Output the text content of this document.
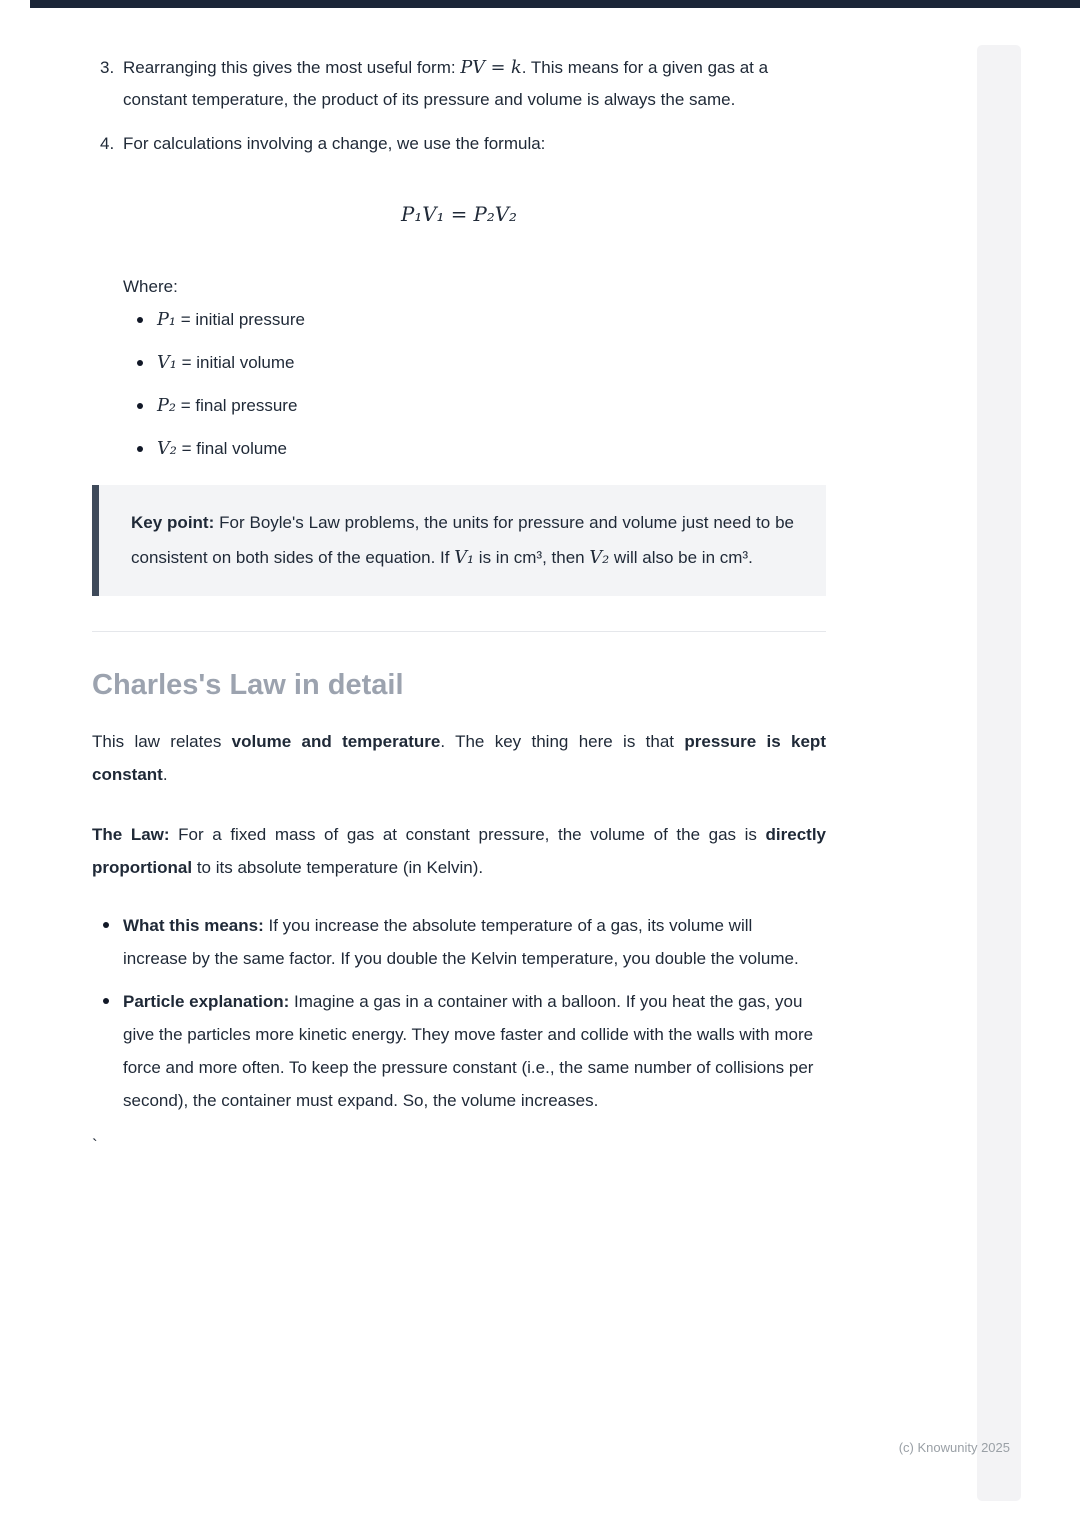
3. Rearranging this gives the most useful form: PV = k. This means for a given gas at a constant temperature, the product of its pressure and volume is always the same.

4. For calculations involving a change, we use the formula:

P₁V₁ = P₂V₂

Where:

P₁ = initial pressure
V₁ = initial volume
P₂ = final pressure
V₂ = final volume

Key point: For Boyle's Law problems, the units for pressure and volume just need to be consistent on both sides of the equation. If V₁ is in cm³, then V₂ will also be in cm³.

Charles's Law in detail

This law relates volume and temperature. The key thing here is that pressure is kept constant.

The Law: For a fixed mass of gas at constant pressure, the volume of the gas is directly proportional to its absolute temperature (in Kelvin).

What this means: If you increase the absolute temperature of a gas, its volume will increase by the same factor. If you double the Kelvin temperature, you double the volume.
Particle explanation: Imagine a gas in a container with a balloon. If you heat the gas, you give the particles more kinetic energy. They move faster and collide with the walls with more force and more often. To keep the pressure constant (i.e., the same number of collisions per second), the container must expand. So, the volume increases.

`

(c) Knowunity 2025
